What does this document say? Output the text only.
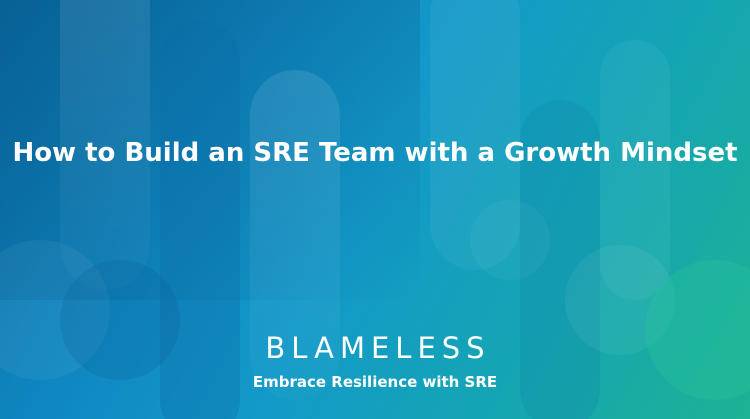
How to Build an SRE Team with a Growth Mindset
BLAMELESS
Embrace Resilience with SRE
